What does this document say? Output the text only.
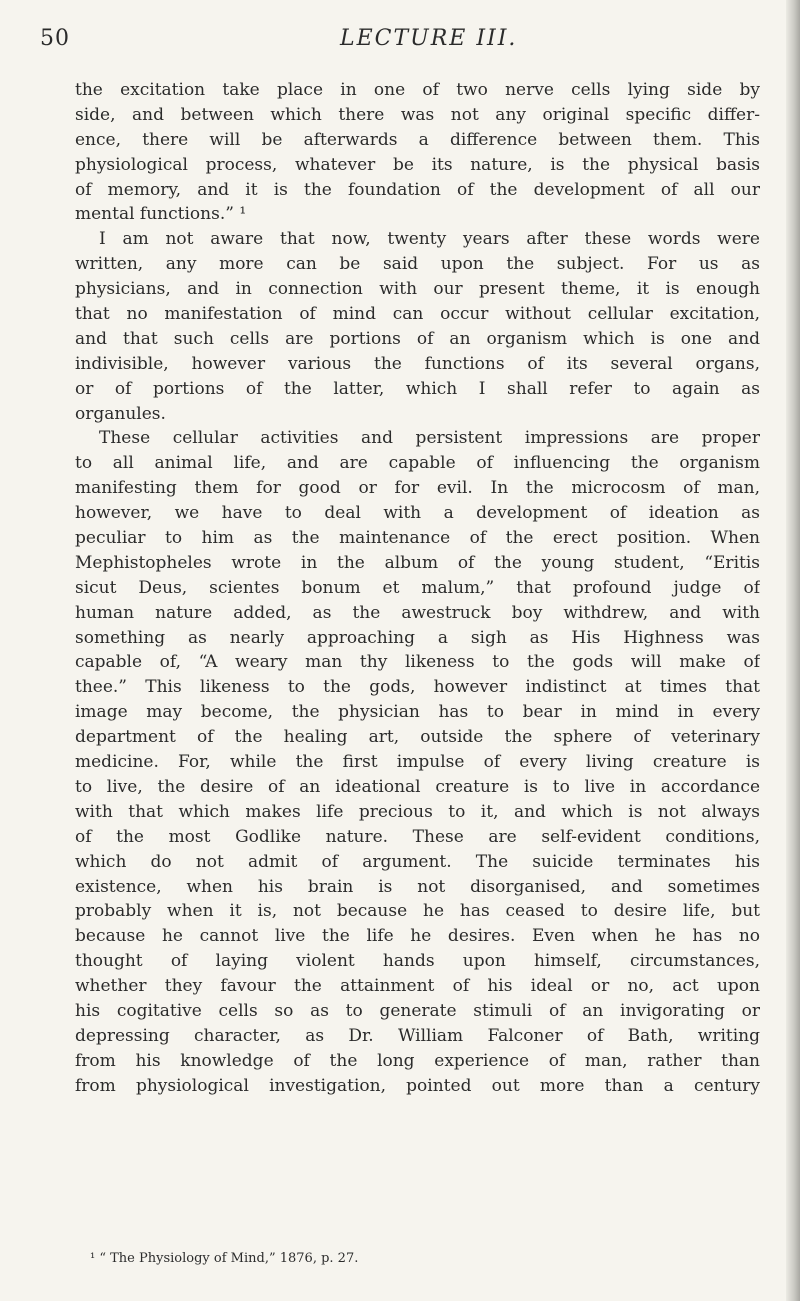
50	LECTURE III.
the excitation take place in one of two nerve cells lying side by
side, and between which there was not any original specific differ-
ence, there will be afterwards a difference between them. This
physiological process, whatever be its nature, is the physical basis
of memory, and it is the foundation of the development of all our
mental functions.” ¹
I am not aware that now, twenty years after these words were
written, any more can be said upon the subject. For us as
physicians, and in connection with our present theme, it is enough
that no manifestation of mind can occur without cellular excitation,
and that such cells are portions of an organism which is one and
indivisible, however various the functions of its several organs,
or of portions of the latter, which I shall refer to again as
organules.
These cellular activities and persistent impressions are proper
to all animal life, and are capable of influencing the organism
manifesting them for good or for evil. In the microcosm of man,
however, we have to deal with a development of ideation as
peculiar to him as the maintenance of the erect position. When
Mephistopheles wrote in the album of the young student, “Eritis
sicut Deus, scientes bonum et malum,” that profound judge of
human nature added, as the awestruck boy withdrew, and with
something as nearly approaching a sigh as His Highness was
capable of, “A weary man thy likeness to the gods will make of
thee.” This likeness to the gods, however indistinct at times that
image may become, the physician has to bear in mind in every
department of the healing art, outside the sphere of veterinary
medicine. For, while the first impulse of every living creature is
to live, the desire of an ideational creature is to live in accordance
with that which makes life precious to it, and which is not always
of the most Godlike nature. These are self-evident conditions,
which do not admit of argument. The suicide terminates his
existence, when his brain is not disorganised, and sometimes
probably when it is, not because he has ceased to desire life, but
because he cannot live the life he desires. Even when he has no
thought of laying violent hands upon himself, circumstances,
whether they favour the attainment of his ideal or no, act upon
his cogitative cells so as to generate stimuli of an invigorating or
depressing character, as Dr. William Falconer of Bath, writing
from his knowledge of the long experience of man, rather than
from physiological investigation, pointed out more than a century
¹ “ The Physiology of Mind,” 1876, p. 27.
